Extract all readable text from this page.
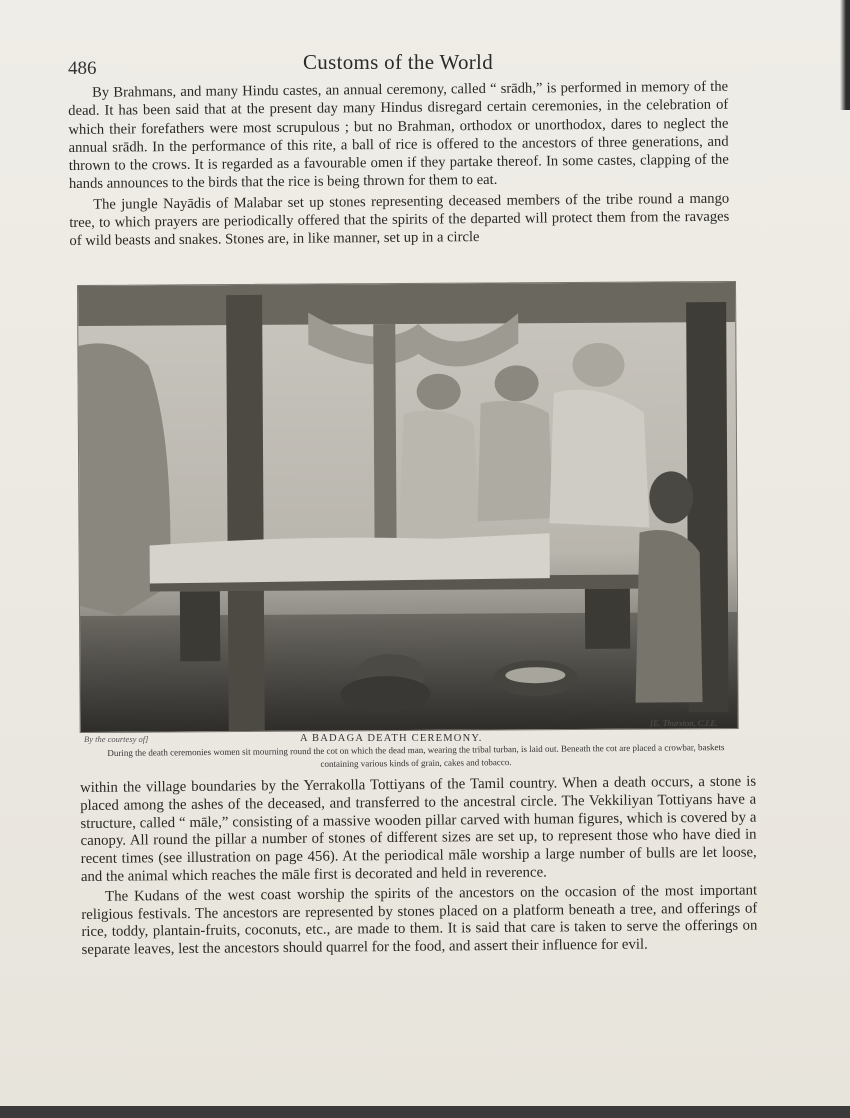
486	Customs of the World

By Brahmans, and many Hindu castes, an annual ceremony, called “ srādh,” is performed in memory of the dead. It has been said that at the present day many Hindus disregard certain ceremonies, in the celebration of which their forefathers were most scrupulous ; but no Brahman, orthodox or unorthodox, dares to neglect the annual srādh. In the performance of this rite, a ball of rice is offered to the ancestors of three generations, and thrown to the crows. It is regarded as a favourable omen if they partake thereof. In some castes, clapping of the hands announces to the birds that the rice is being thrown for them to eat.

The jungle Nayādis of Malabar set up stones representing deceased members of the tribe round a mango tree, to which prayers are periodically offered that the spirits of the departed will protect them from the ravages of wild beasts and snakes. Stones are, in like manner, set up in a circle

By the courtesy of]
[E. Thurston, C.I.E.
A BADAGA DEATH CEREMONY.
During the death ceremonies women sit mourning round the cot on which the dead man, wearing the tribal turban, is laid out. Beneath the cot are placed a crowbar, baskets containing various kinds of grain, cakes and tobacco.

within the village boundaries by the Yerrakolla Tottiyans of the Tamil country. When a death occurs, a stone is placed among the ashes of the deceased, and transferred to the ancestral circle. The Vekkiliyan Tottiyans have a structure, called “ māle,” consisting of a massive wooden pillar carved with human figures, which is covered by a canopy. All round the pillar a number of stones of different sizes are set up, to represent those who have died in recent times (see illustration on page 456). At the periodical māle worship a large number of bulls are let loose, and the animal which reaches the māle first is decorated and held in reverence.

The Kudans of the west coast worship the spirits of the ancestors on the occasion of the most important religious festivals. The ancestors are represented by stones placed on a platform beneath a tree, and offerings of rice, toddy, plantain-fruits, coconuts, etc., are made to them. It is said that care is taken to serve the offerings on separate leaves, lest the ancestors should quarrel for the food, and assert their influence for evil.
